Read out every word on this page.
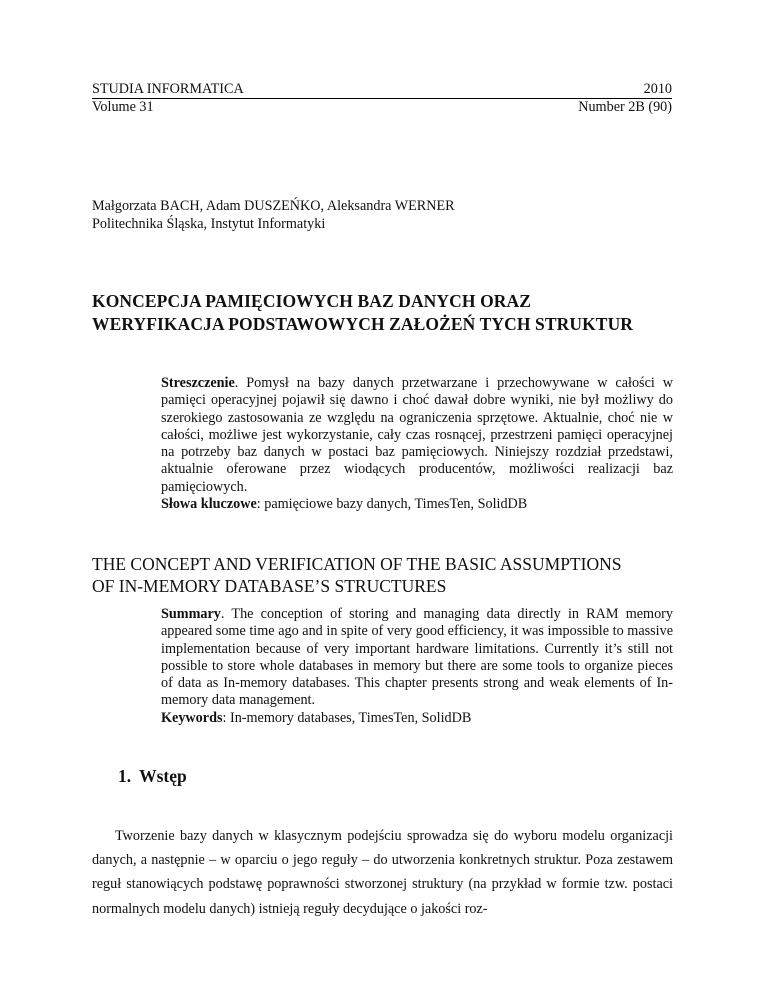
STUDIA INFORMATICA
Volume 31
2010
Number 2B (90)
Małgorzata BACH, Adam DUSZEŃKO, Aleksandra WERNER
Politechnika Śląska, Instytut Informatyki
KONCEPCJA PAMIĘCIOWYCH BAZ DANYCH ORAZ
WERYFIKACJA PODSTAWOWYCH ZAŁOŻEŃ TYCH STRUKTUR

Streszczenie. Pomysł na bazy danych przetwarzane i przechowywane w całości w pamięci operacyjnej pojawił się dawno i choć dawał dobre wyniki, nie był możliwy do szerokiego zastosowania ze względu na ograniczenia sprzętowe. Aktualnie, choć nie w całości, możliwe jest wykorzystanie, cały czas rosnącej, przestrzeni pamięci operacyjnej na potrzeby baz danych w postaci baz pamięciowych. Niniejszy rozdział przedstawi, aktualnie oferowane przez wiodących producentów, możliwości realizacji baz pamięciowych.

Słowa kluczowe: pamięciowe bazy danych, TimesTen, SolidDB

THE CONCEPT AND VERIFICATION OF THE BASIC ASSUMPTIONS
OF IN-MEMORY DATABASE’S STRUCTURES

Summary. The conception of storing and managing data directly in RAM memory appeared some time ago and in spite of very good efficiency, it was impossible to massive implementation because of very important hardware limitations. Currently it’s still not possible to store whole databases in memory but there are some tools to organize pieces of data as In-memory databases. This chapter presents strong and weak elements of In-memory data management.

Keywords: In-memory databases, TimesTen, SolidDB

1. Wstęp

Tworzenie bazy danych w klasycznym podejściu sprowadza się do wyboru modelu organizacji danych, a następnie – w oparciu o jego reguły – do utworzenia konkretnych struktur. Poza zestawem reguł stanowiących podstawę poprawności stworzonej struktury (na przykład w formie tzw. postaci normalnych modelu danych) istnieją reguły decydujące o jakości roz-
